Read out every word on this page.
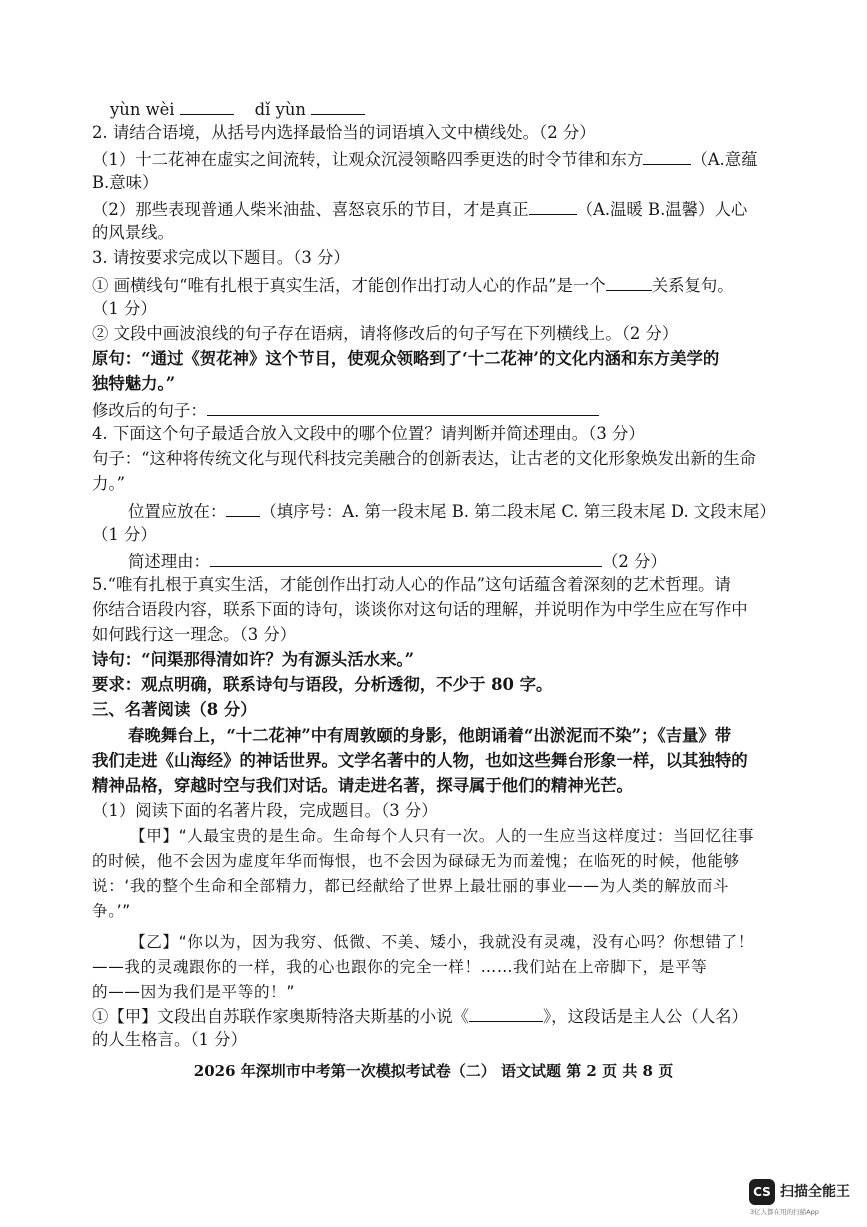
yùn wèi	dǐ yùn
2. 请结合语境，从括号内选择最恰当的词语填入文中横线处。（2 分）
（1）十二花神在虚实之间流转，让观众沉浸领略四季更迭的时令节律和东方	（A.意蕴
B.意味）
（2）那些表现普通人柴米油盐、喜怒哀乐的节目，才是真正	（A.温暖 B.温馨）人心
的风景线。
3. 请按要求完成以下题目。（3 分）
① 画横线句“唯有扎根于真实生活，才能创作出打动人心的作品”是一个	关系复句。
（1 分）
② 文段中画波浪线的句子存在语病，请将修改后的句子写在下列横线上。（2 分）
原句：“通过《贺花神》这个节目，使观众领略到了‘十二花神’的文化内涵和东方美学的
独特魅力。”
修改后的句子：
4. 下面这个句子最适合放入文段中的哪个位置？请判断并简述理由。（3 分）
句子：“这种将传统文化与现代科技完美融合的创新表达，让古老的文化形象焕发出新的生命
力。”
位置应放在： （填序号：A. 第一段末尾 B. 第二段末尾 C. 第三段末尾 D. 文段末尾）
（1 分）
简述理由：	（2 分）
5.“唯有扎根于真实生活，才能创作出打动人心的作品”这句话蕴含着深刻的艺术哲理。请
你结合语段内容，联系下面的诗句，谈谈你对这句话的理解，并说明作为中学生应在写作中
如何践行这一理念。（3 分）
诗句：“问渠那得清如许？为有源头活水来。”
要求：观点明确，联系诗句与语段，分析透彻，不少于 80 字。
三、名著阅读（8 分）
春晚舞台上，“十二花神”中有周敦颐的身影，他朗诵着“出淤泥而不染”；《吉量》带
我们走进《山海经》的神话世界。文学名著中的人物，也如这些舞台形象一样，以其独特的
精神品格，穿越时空与我们对话。请走进名著，探寻属于他们的精神光芒。
（1）阅读下面的名著片段，完成题目。（3 分）
【甲】“人最宝贵的是生命。生命每个人只有一次。人的一生应当这样度过：当回忆往事
的时候，他不会因为虚度年华而悔恨，也不会因为碌碌无为而羞愧；在临死的时候，他能够
说：‘我的整个生命和全部精力，都已经献给了世界上最壮丽的事业——为人类的解放而斗
争。’”
【乙】“你以为，因为我穷、低微、不美、矮小，我就没有灵魂，没有心吗？你想错了！
——我的灵魂跟你的一样，我的心也跟你的完全一样！……我们站在上帝脚下，是平等
的——因为我们是平等的！”
①【甲】文段出自苏联作家奥斯特洛夫斯基的小说《	》，这段话是主人公（人名）
的人生格言。（1 分）
2026 年深圳市中考第一次模拟考试卷（二） 语文试题 第 2 页 共 8 页
CS 扫描全能王
3亿人都在用的扫描App
